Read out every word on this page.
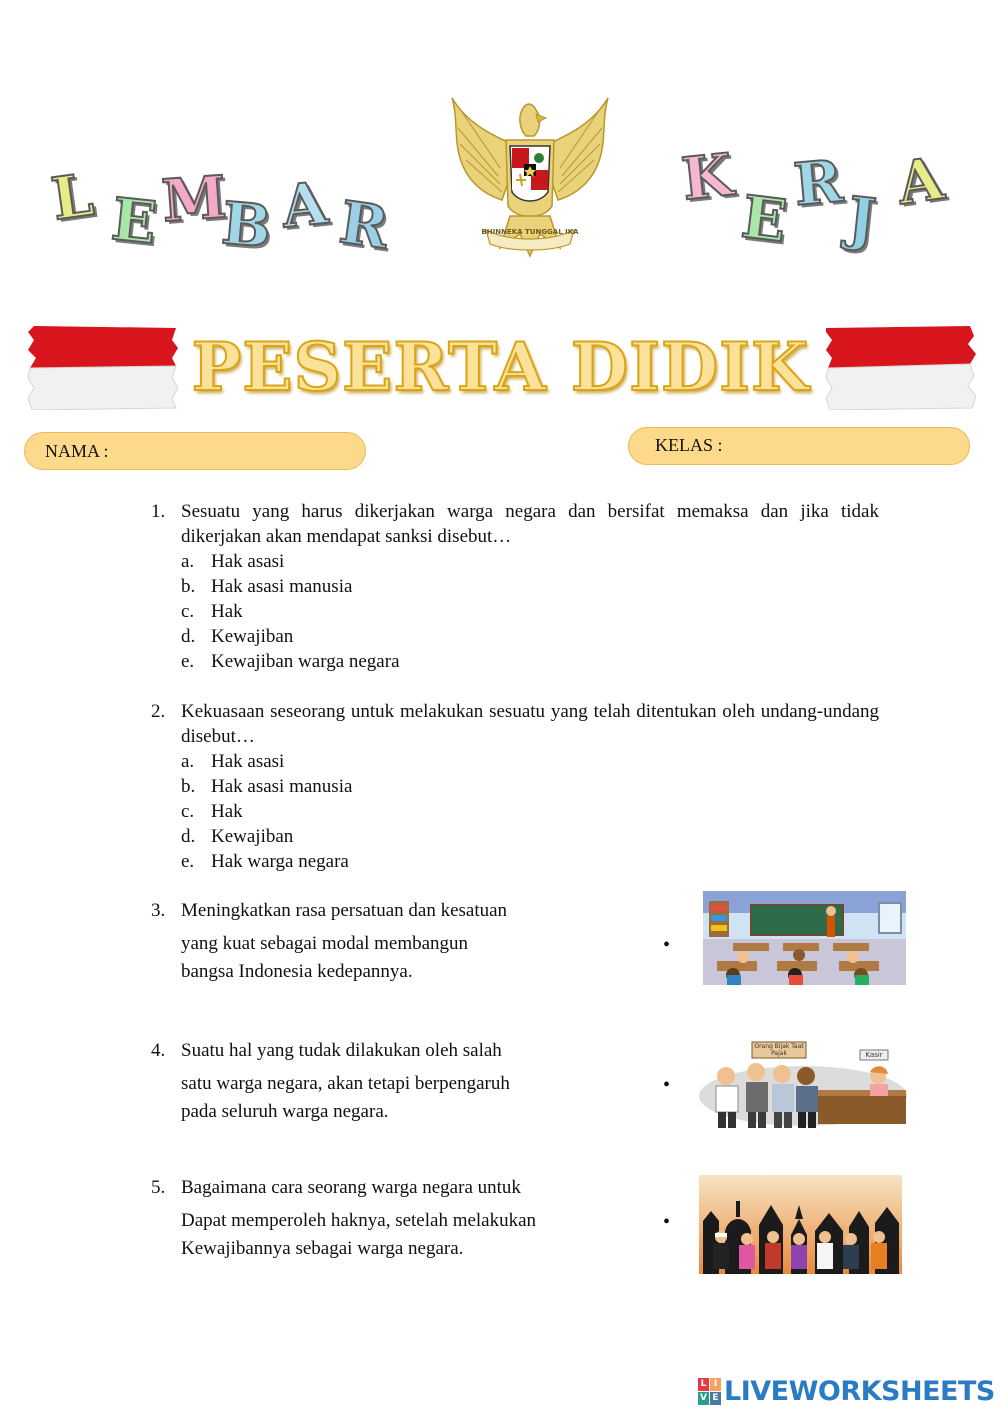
L E M
B A R	BHINNEKA TUNGGAL IKA
K
E R
J
A
PESERTA DIDIK
NAMA :	KELAS :
1. Sesuatu yang harus dikerjakan warga negara dan bersifat memaksa dan jika tidak dikerjakan akan mendapat sanksi disebut…
a. Hak asasi
b. Hak asasi manusia
c. Hak
d. Kewajiban
e. Kewajiban warga negara
2. Kekuasaan seseorang untuk melakukan sesuatu yang telah ditentukan oleh undang-undang disebut…
a. Hak asasi
b. Hak asasi manusia
c. Hak
d. Kewajiban
e. Hak warga negara
3. Meningkatkan rasa persatuan dan kesatuan
yang kuat sebagai modal membangun
bangsa Indonesia kedepannya.
•
4. Suatu hal yang tudak dilakukan oleh salah
satu warga negara, akan tetapi berpengaruh
pada seluruh warga negara.
•
Orang Bijak Taat Pajak	Kasir
5. Bagaimana cara seorang warga negara untuk
Dapat memperoleh haknya, setelah melakukan
Kewajibannya sebagai warga negara.
•
L I
V E LIVEWORKSHEETS
